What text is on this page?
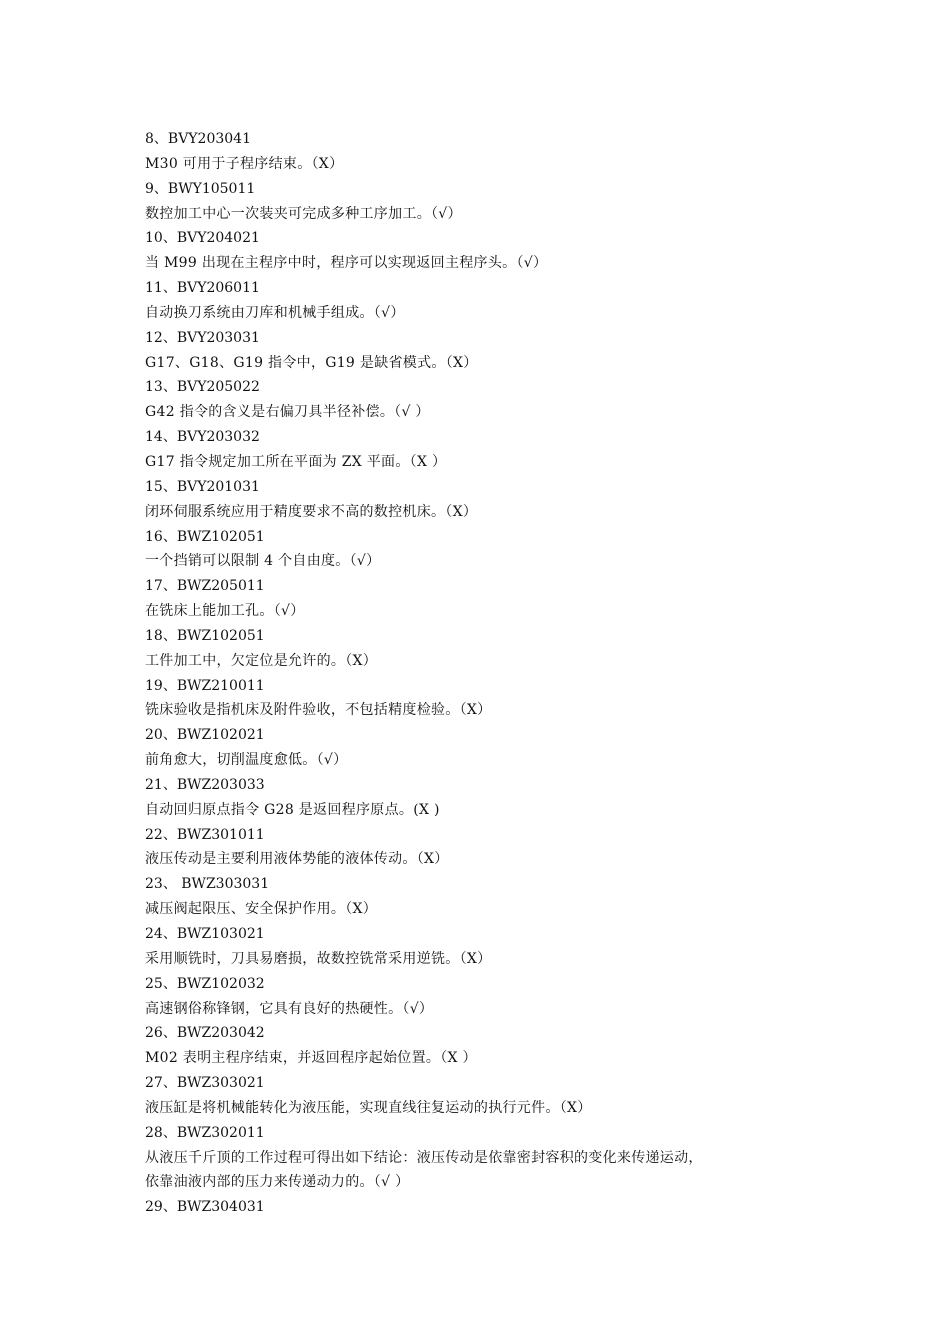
8、BVY203041
M30 可用于子程序结束。（X）
9、BWY105011
数控加工中心一次装夹可完成多种工序加工。（√）
10、BVY204021
当 M99 出现在主程序中时，程序可以实现返回主程序头。（√）
11、BVY206011
自动换刀系统由刀库和机械手组成。（√）
12、BVY203031
G17、G18、G19 指令中，G19 是缺省模式。（X）
13、BVY205022
G42 指令的含义是右偏刀具半径补偿。（√ ）
14、BVY203032
G17 指令规定加工所在平面为 ZX 平面。（X ）
15、BVY201031
闭环伺服系统应用于精度要求不高的数控机床。（X）
16、BWZ102051
一个挡销可以限制 4 个自由度。（√）
17、BWZ205011
在铣床上能加工孔。（√）
18、BWZ102051
工件加工中，欠定位是允许的。（X）
19、BWZ210011
铣床验收是指机床及附件验收，不包括精度检验。（X）
20、BWZ102021
前角愈大，切削温度愈低。（√）
21、BWZ203033
自动回归原点指令 G28 是返回程序原点。(X )
22、BWZ301011
液压传动是主要利用液体势能的液体传动。（X）
23、 BWZ303031
减压阀起限压、安全保护作用。（X）
24、BWZ103021
采用顺铣时，刀具易磨损，故数控铣常采用逆铣。（X）
25、BWZ102032
高速钢俗称锋钢，它具有良好的热硬性。（√）
26、BWZ203042
M02 表明主程序结束，并返回程序起始位置。（X ）
27、BWZ303021
液压缸是将机械能转化为液压能，实现直线往复运动的执行元件。（X）
28、BWZ302011
从液压千斤顶的工作过程可得出如下结论：液压传动是依靠密封容积的变化来传递运动，
依靠油液内部的压力来传递动力的。（√ ）
29、BWZ304031
